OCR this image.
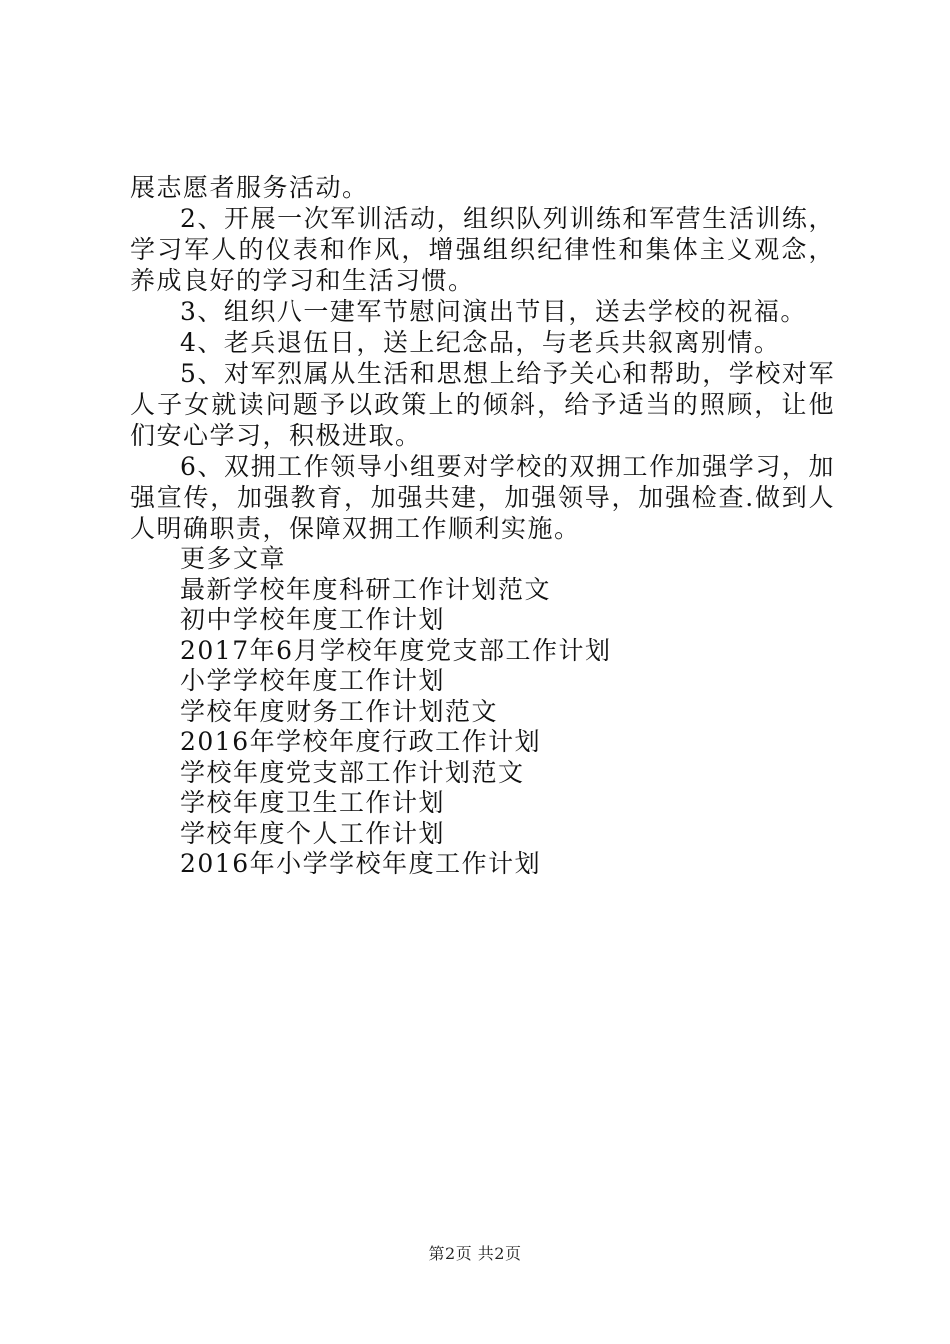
展志愿者服务活动。

2、开展一次军训活动，组织队列训练和军营生活训练，学习军人的仪表和作风，增强组织纪律性和集体主义观念，养成良好的学习和生活习惯。

3、组织八一建军节慰问演出节目，送去学校的祝福。

4、老兵退伍日，送上纪念品，与老兵共叙离别情。

5、对军烈属从生活和思想上给予关心和帮助，学校对军人子女就读问题予以政策上的倾斜，给予适当的照顾，让他们安心学习，积极进取。

6、双拥工作领导小组要对学校的双拥工作加强学习，加强宣传，加强教育，加强共建，加强领导，加强检查.做到人人明确职责，保障双拥工作顺利实施。

更多文章
最新学校年度科研工作计划范文
初中学校年度工作计划
2017年6月学校年度党支部工作计划
小学学校年度工作计划
学校年度财务工作计划范文
2016年学校年度行政工作计划
学校年度党支部工作计划范文
学校年度卫生工作计划
学校年度个人工作计划
2016年小学学校年度工作计划
第2页 共2页
